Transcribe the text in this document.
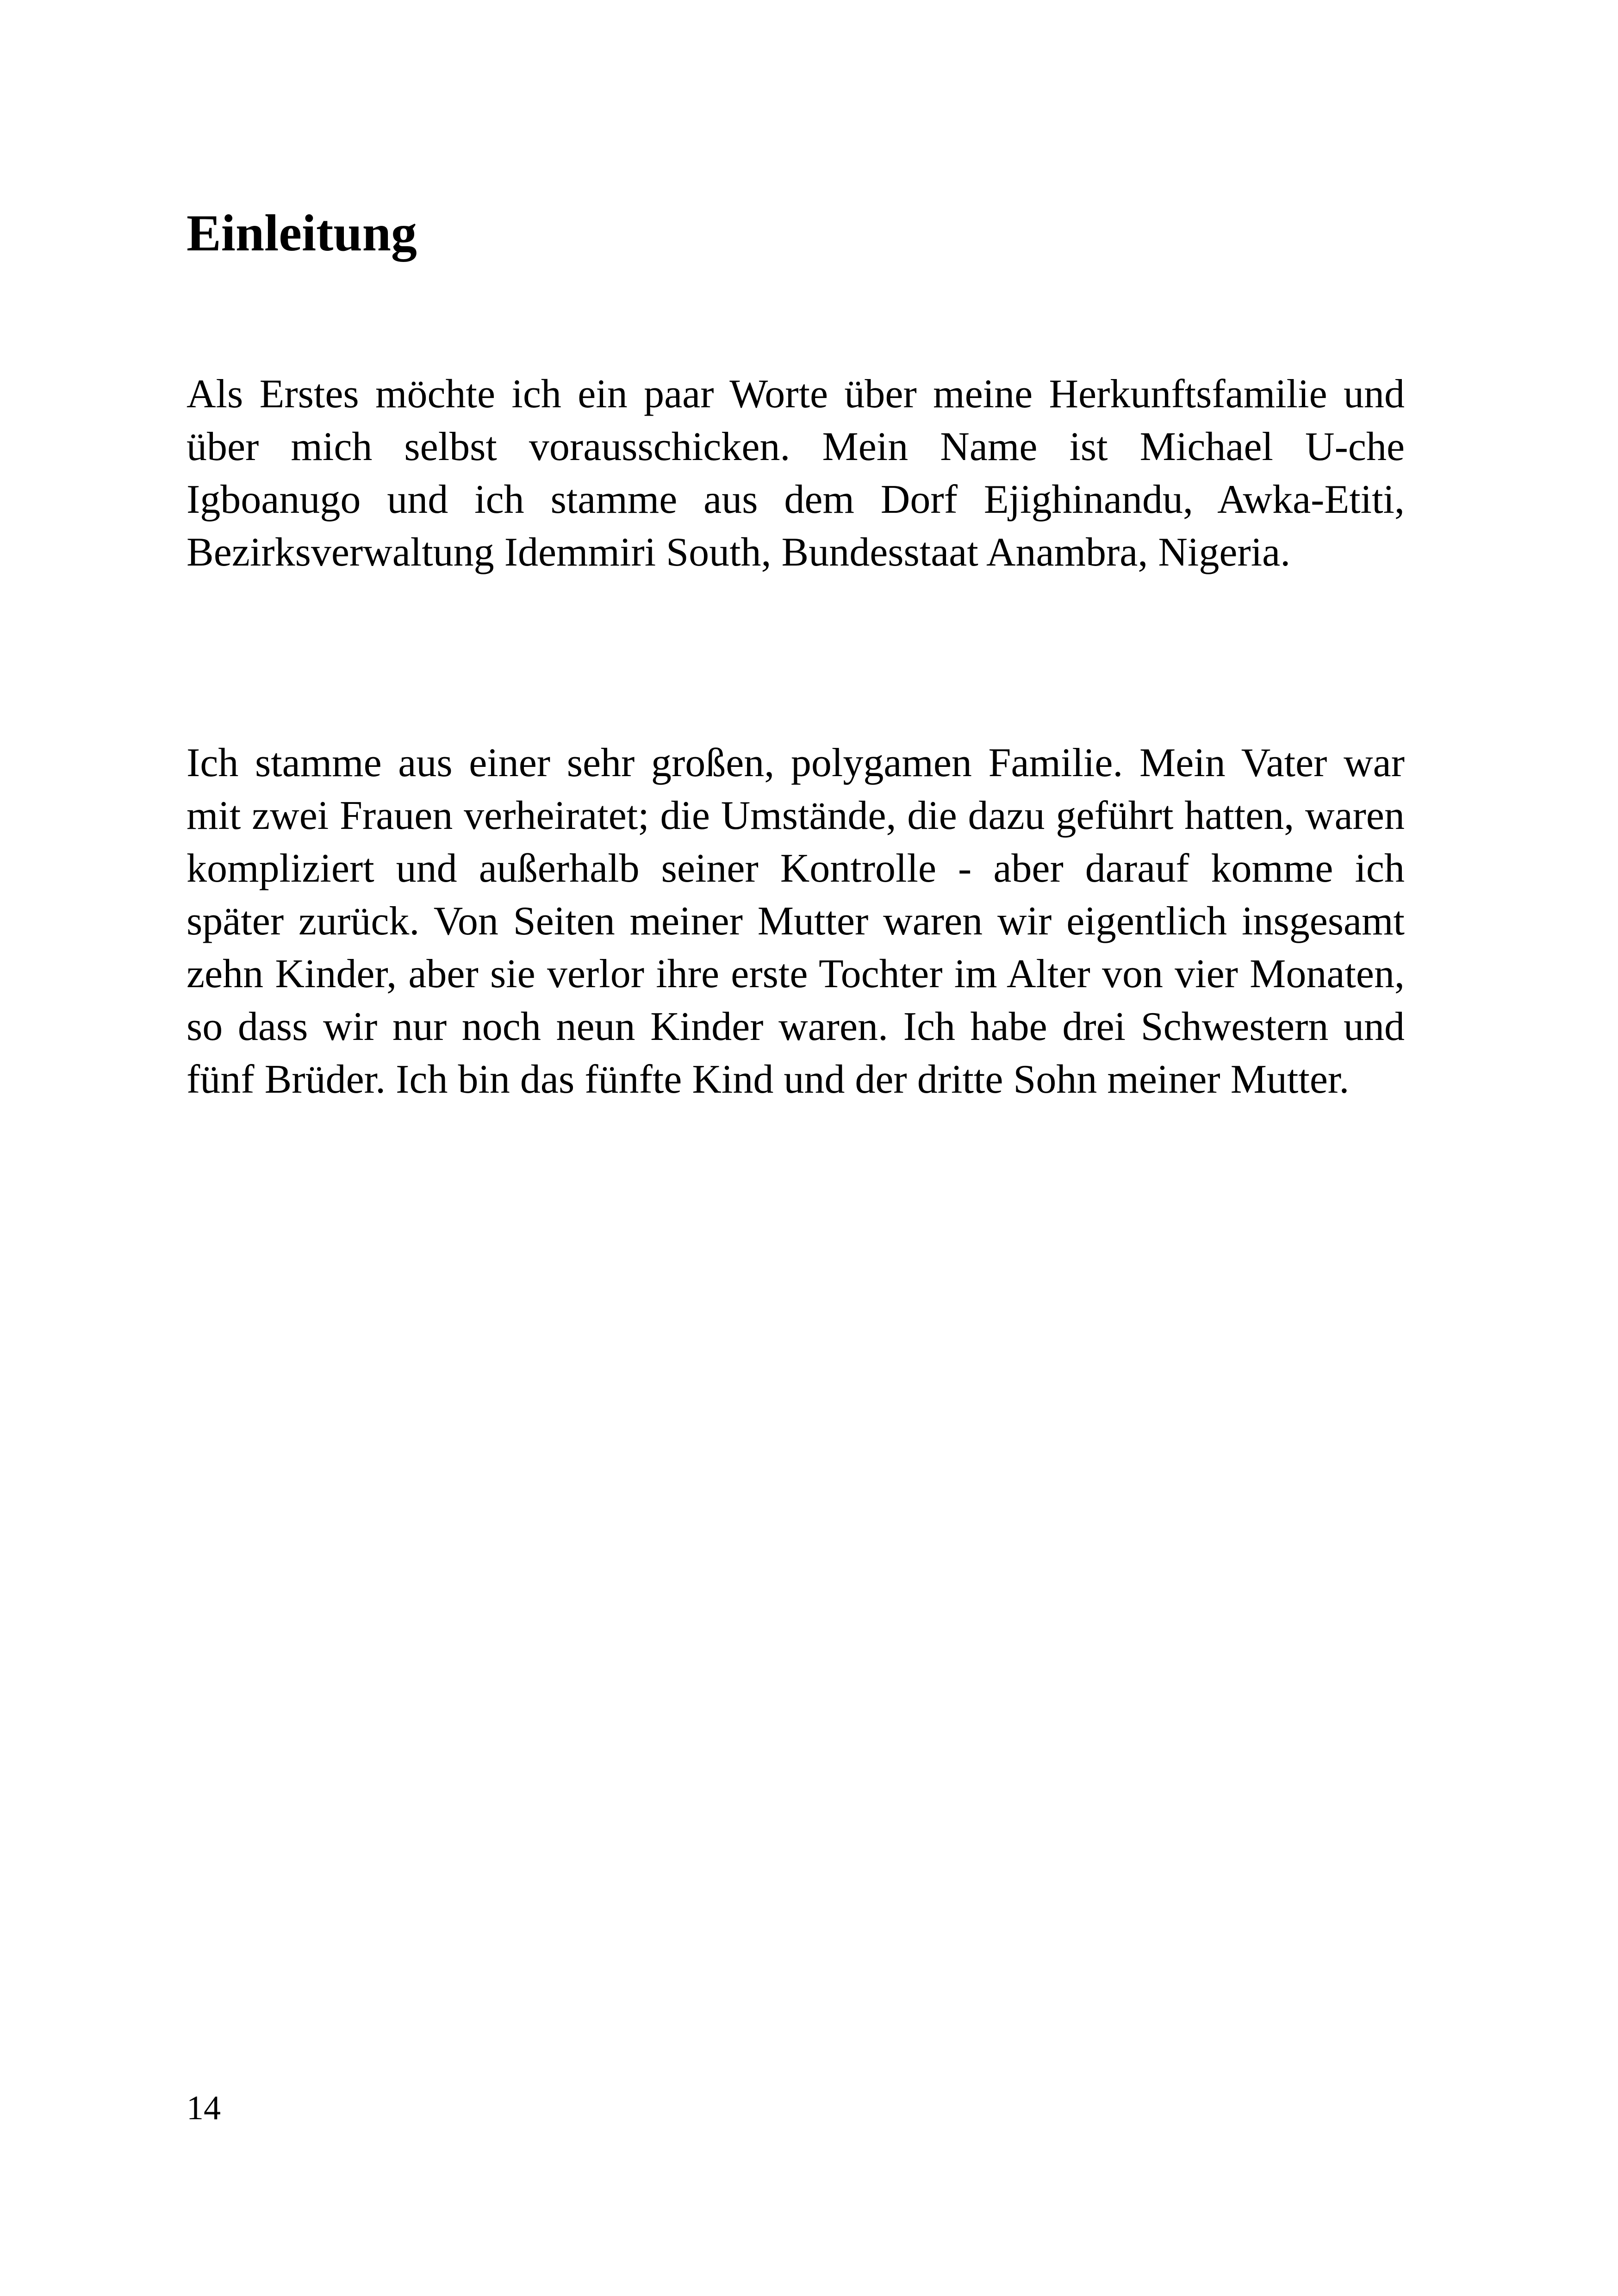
Einleitung

Als Erstes möchte ich ein paar Worte über meine Herkunftsfamilie und über mich selbst vorausschicken. Mein Name ist Michael U-che Igboanugo und ich stamme aus dem Dorf Ejighinandu, Awka-Etiti, Bezirksverwaltung Idemmiri South, Bundesstaat Anambra, Nigeria.

Ich stamme aus einer sehr großen, polygamen Familie. Mein Vater war mit zwei Frauen verheiratet; die Umstände, die dazu geführt hatten, waren kompliziert und außerhalb seiner Kontrolle - aber darauf komme ich später zurück. Von Seiten meiner Mutter waren wir eigentlich insgesamt zehn Kinder, aber sie verlor ihre erste Tochter im Alter von vier Monaten, so dass wir nur noch neun Kinder waren. Ich habe drei Schwestern und fünf Brüder. Ich bin das fünfte Kind und der dritte Sohn meiner Mutter.

14
